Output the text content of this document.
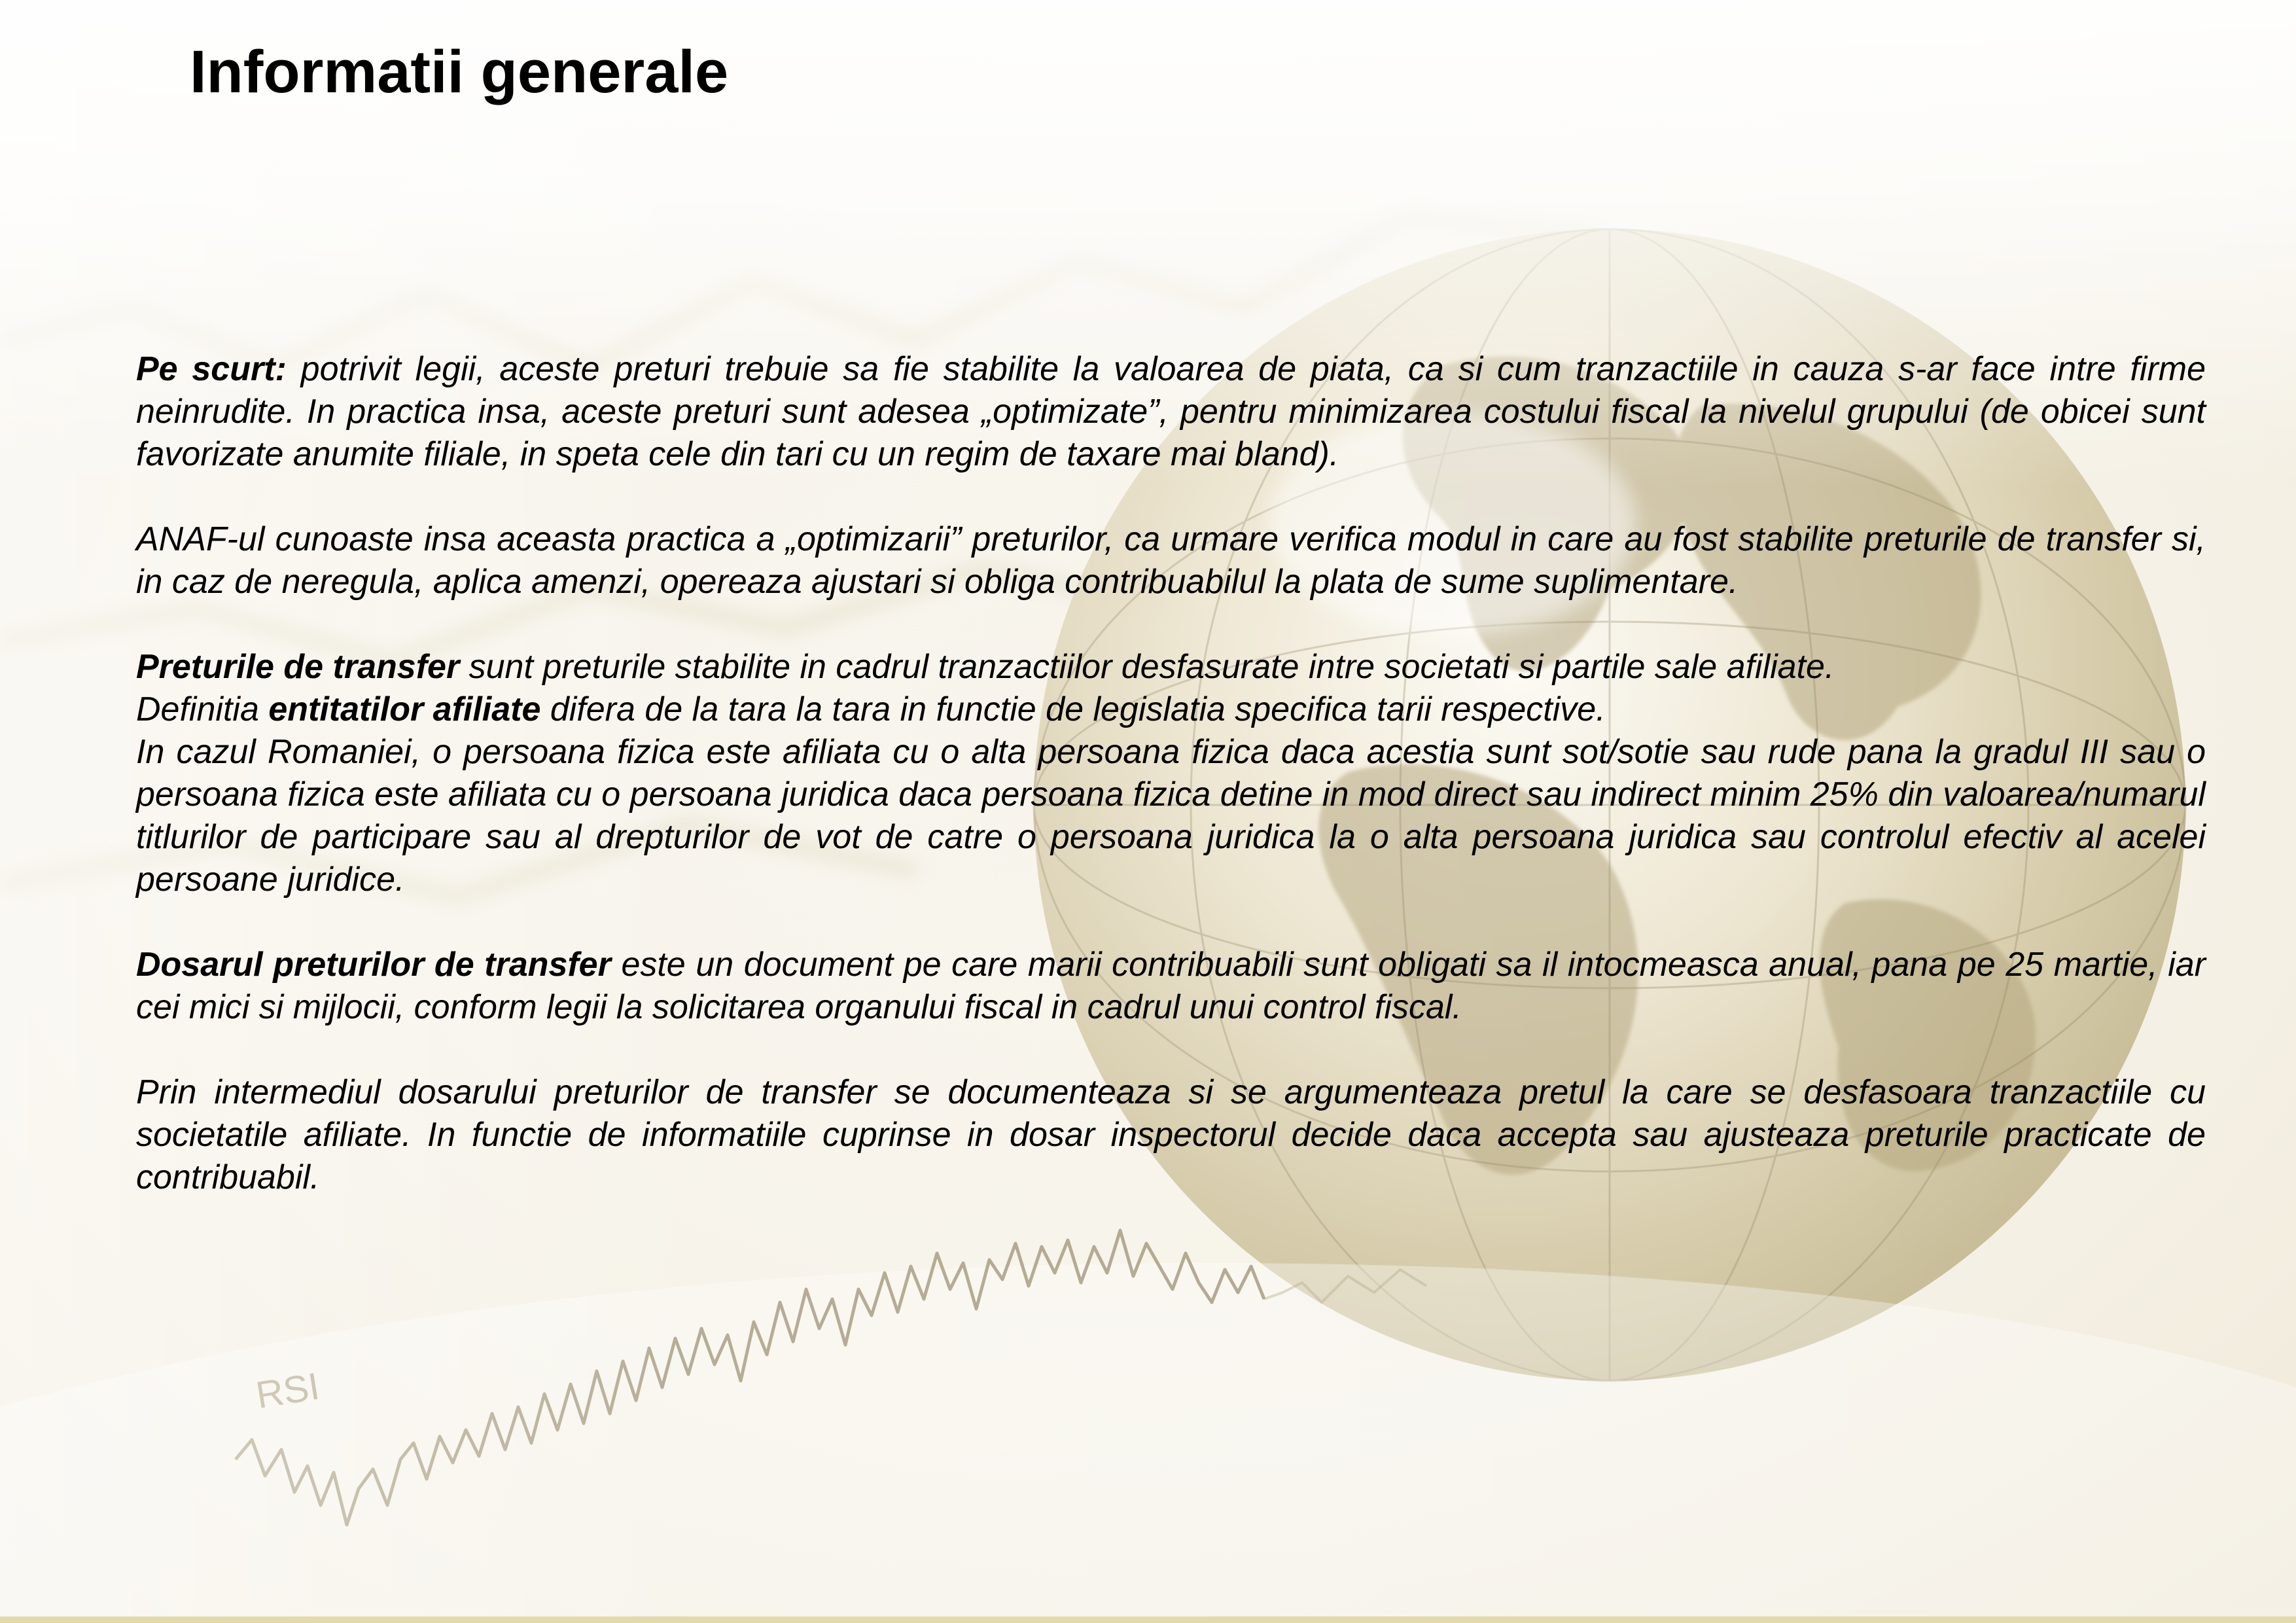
Informatii generale

Pe scurt: potrivit legii, aceste preturi trebuie sa fie stabilite la valoarea de piata, ca si cum tranzactiile in cauza s-ar face intre firme neinrudite. In practica insa, aceste preturi sunt adesea „optimizate”, pentru minimizarea costului fiscal la nivelul grupului (de obicei sunt favorizate anumite filiale, in speta cele din tari cu un regim de taxare mai bland).

ANAF-ul cunoaste insa aceasta practica a „optimizarii” preturilor, ca urmare verifica modul in care au fost stabilite preturile de transfer si, in caz de neregula, aplica amenzi, opereaza ajustari si obliga contribuabilul la plata de sume suplimentare.

Preturile de transfer sunt preturile stabilite in cadrul tranzactiilor desfasurate intre societati si partile sale afiliate.

Definitia entitatilor afiliate difera de la tara la tara in functie de legislatia specifica tarii respective.

In cazul Romaniei, o persoana fizica este afiliata cu o alta persoana fizica daca acestia sunt sot/sotie sau rude pana la gradul III sau o persoana fizica este afiliata cu o persoana juridica daca persoana fizica detine in mod direct sau indirect minim 25% din valoarea/numarul titlurilor de participare sau al drepturilor de vot de catre o persoana juridica la o alta persoana juridica sau controlul efectiv al acelei persoane juridice.

Dosarul preturilor de transfer este un document pe care marii contribuabili sunt obligati sa il intocmeasca anual, pana pe 25 martie, iar cei mici si mijlocii, conform legii la solicitarea organului fiscal in cadrul unui control fiscal.

Prin intermediul dosarului preturilor de transfer se documenteaza si se argumenteaza pretul la care se desfasoara tranzactiile cu societatile afiliate. In functie de informatiile cuprinse in dosar inspectorul decide daca accepta sau ajusteaza preturile practicate de contribuabil.
